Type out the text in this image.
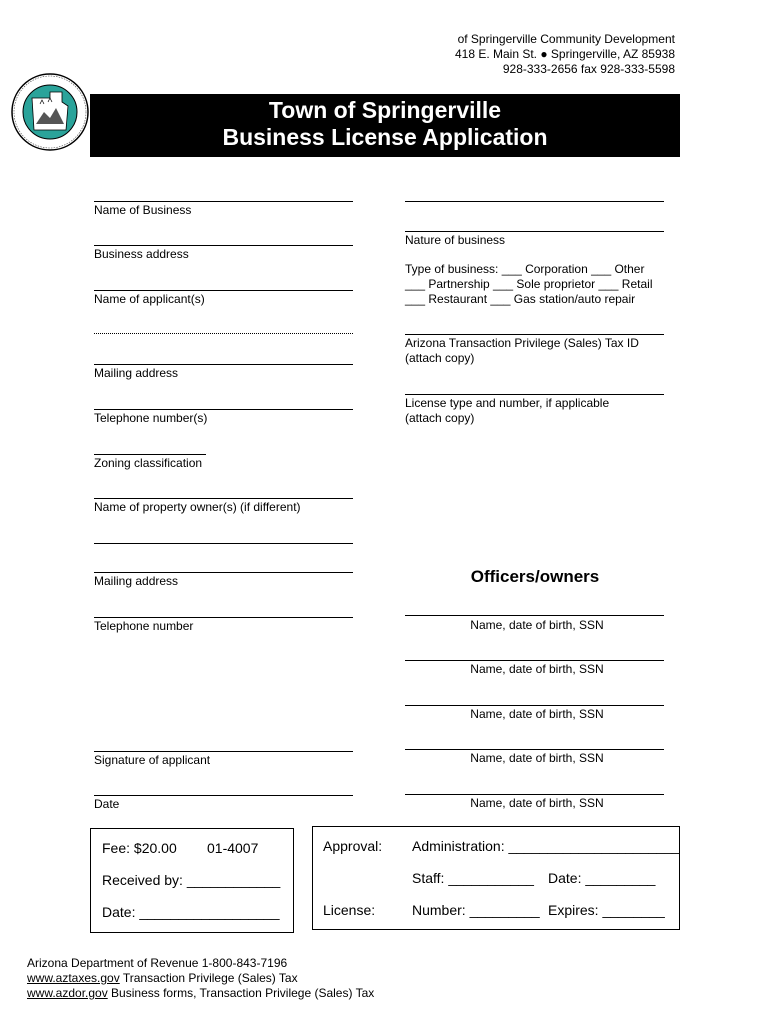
of Springerville Community Development
418 E. Main St. ● Springerville, AZ 85938
928-333-2656 fax 928-333-5598
Town of Springerville
Business License Application
Name of Business
Business address
Name of applicant(s)
Mailing address
Telephone number(s)
Zoning classification
Name of property owner(s) (if different)
Mailing address
Telephone number
Signature of applicant
Date
Nature of business
Type of business: ___ Corporation ___ Other
___ Partnership ___ Sole proprietor ___ Retail
___ Restaurant ___ Gas station/auto repair
Arizona Transaction Privilege (Sales) Tax ID
(attach copy)
License type and number, if applicable
(attach copy)
Officers/owners
Name, date of birth, SSN
Name, date of birth, SSN
Name, date of birth, SSN
Name, date of birth, SSN
Name, date of birth, SSN
Fee: $20.00 01-4007
Received by: ____________
Date: __________________
Approval: Administration: ______________________
Staff: ___________ Date: _________
License:	Number: _________ Expires: ________
Arizona Department of Revenue 1-800-843-7196
www.aztaxes.gov Transaction Privilege (Sales) Tax
www.azdor.gov Business forms, Transaction Privilege (Sales) Tax
